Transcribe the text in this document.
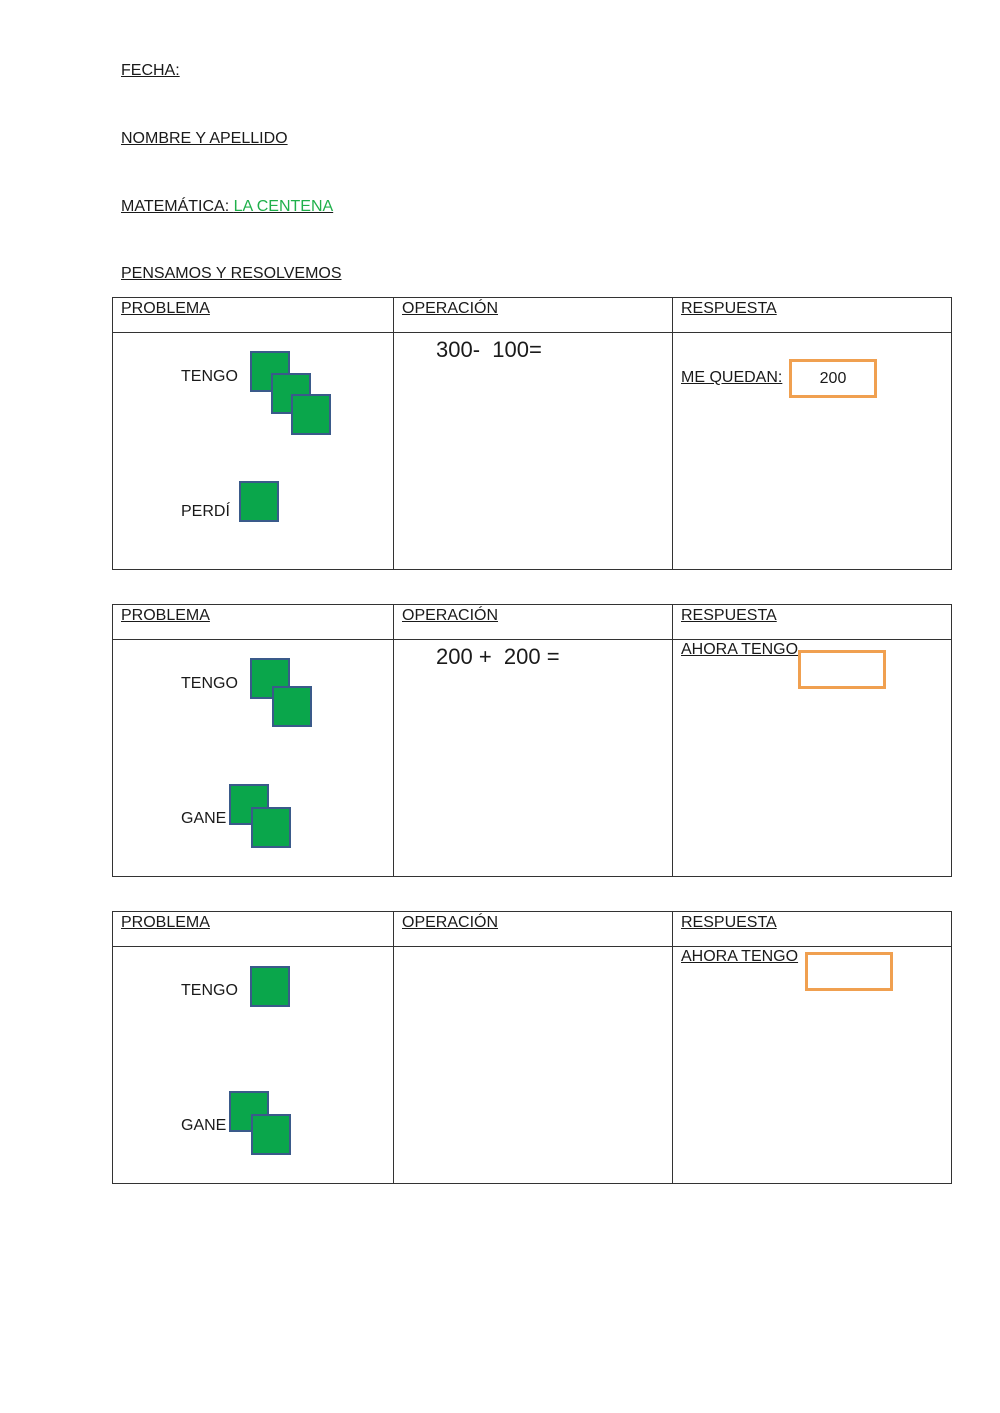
FECHA:
NOMBRE Y APELLIDO
MATEMÁTICA: LA CENTENA
PENSAMOS Y RESOLVEMOS
PROBLEMA	OPERACIÓN	RESPUESTA

TENGO
PERDÍ	300-  100=	ME QUEDAN: 200
PROBLEMA	OPERACIÓN	RESPUESTA

TENGO
GANE	200 +  200 =	AHORA TENGO
PROBLEMA	OPERACIÓN	RESPUESTA

TENGO
GANE		AHORA TENGO
